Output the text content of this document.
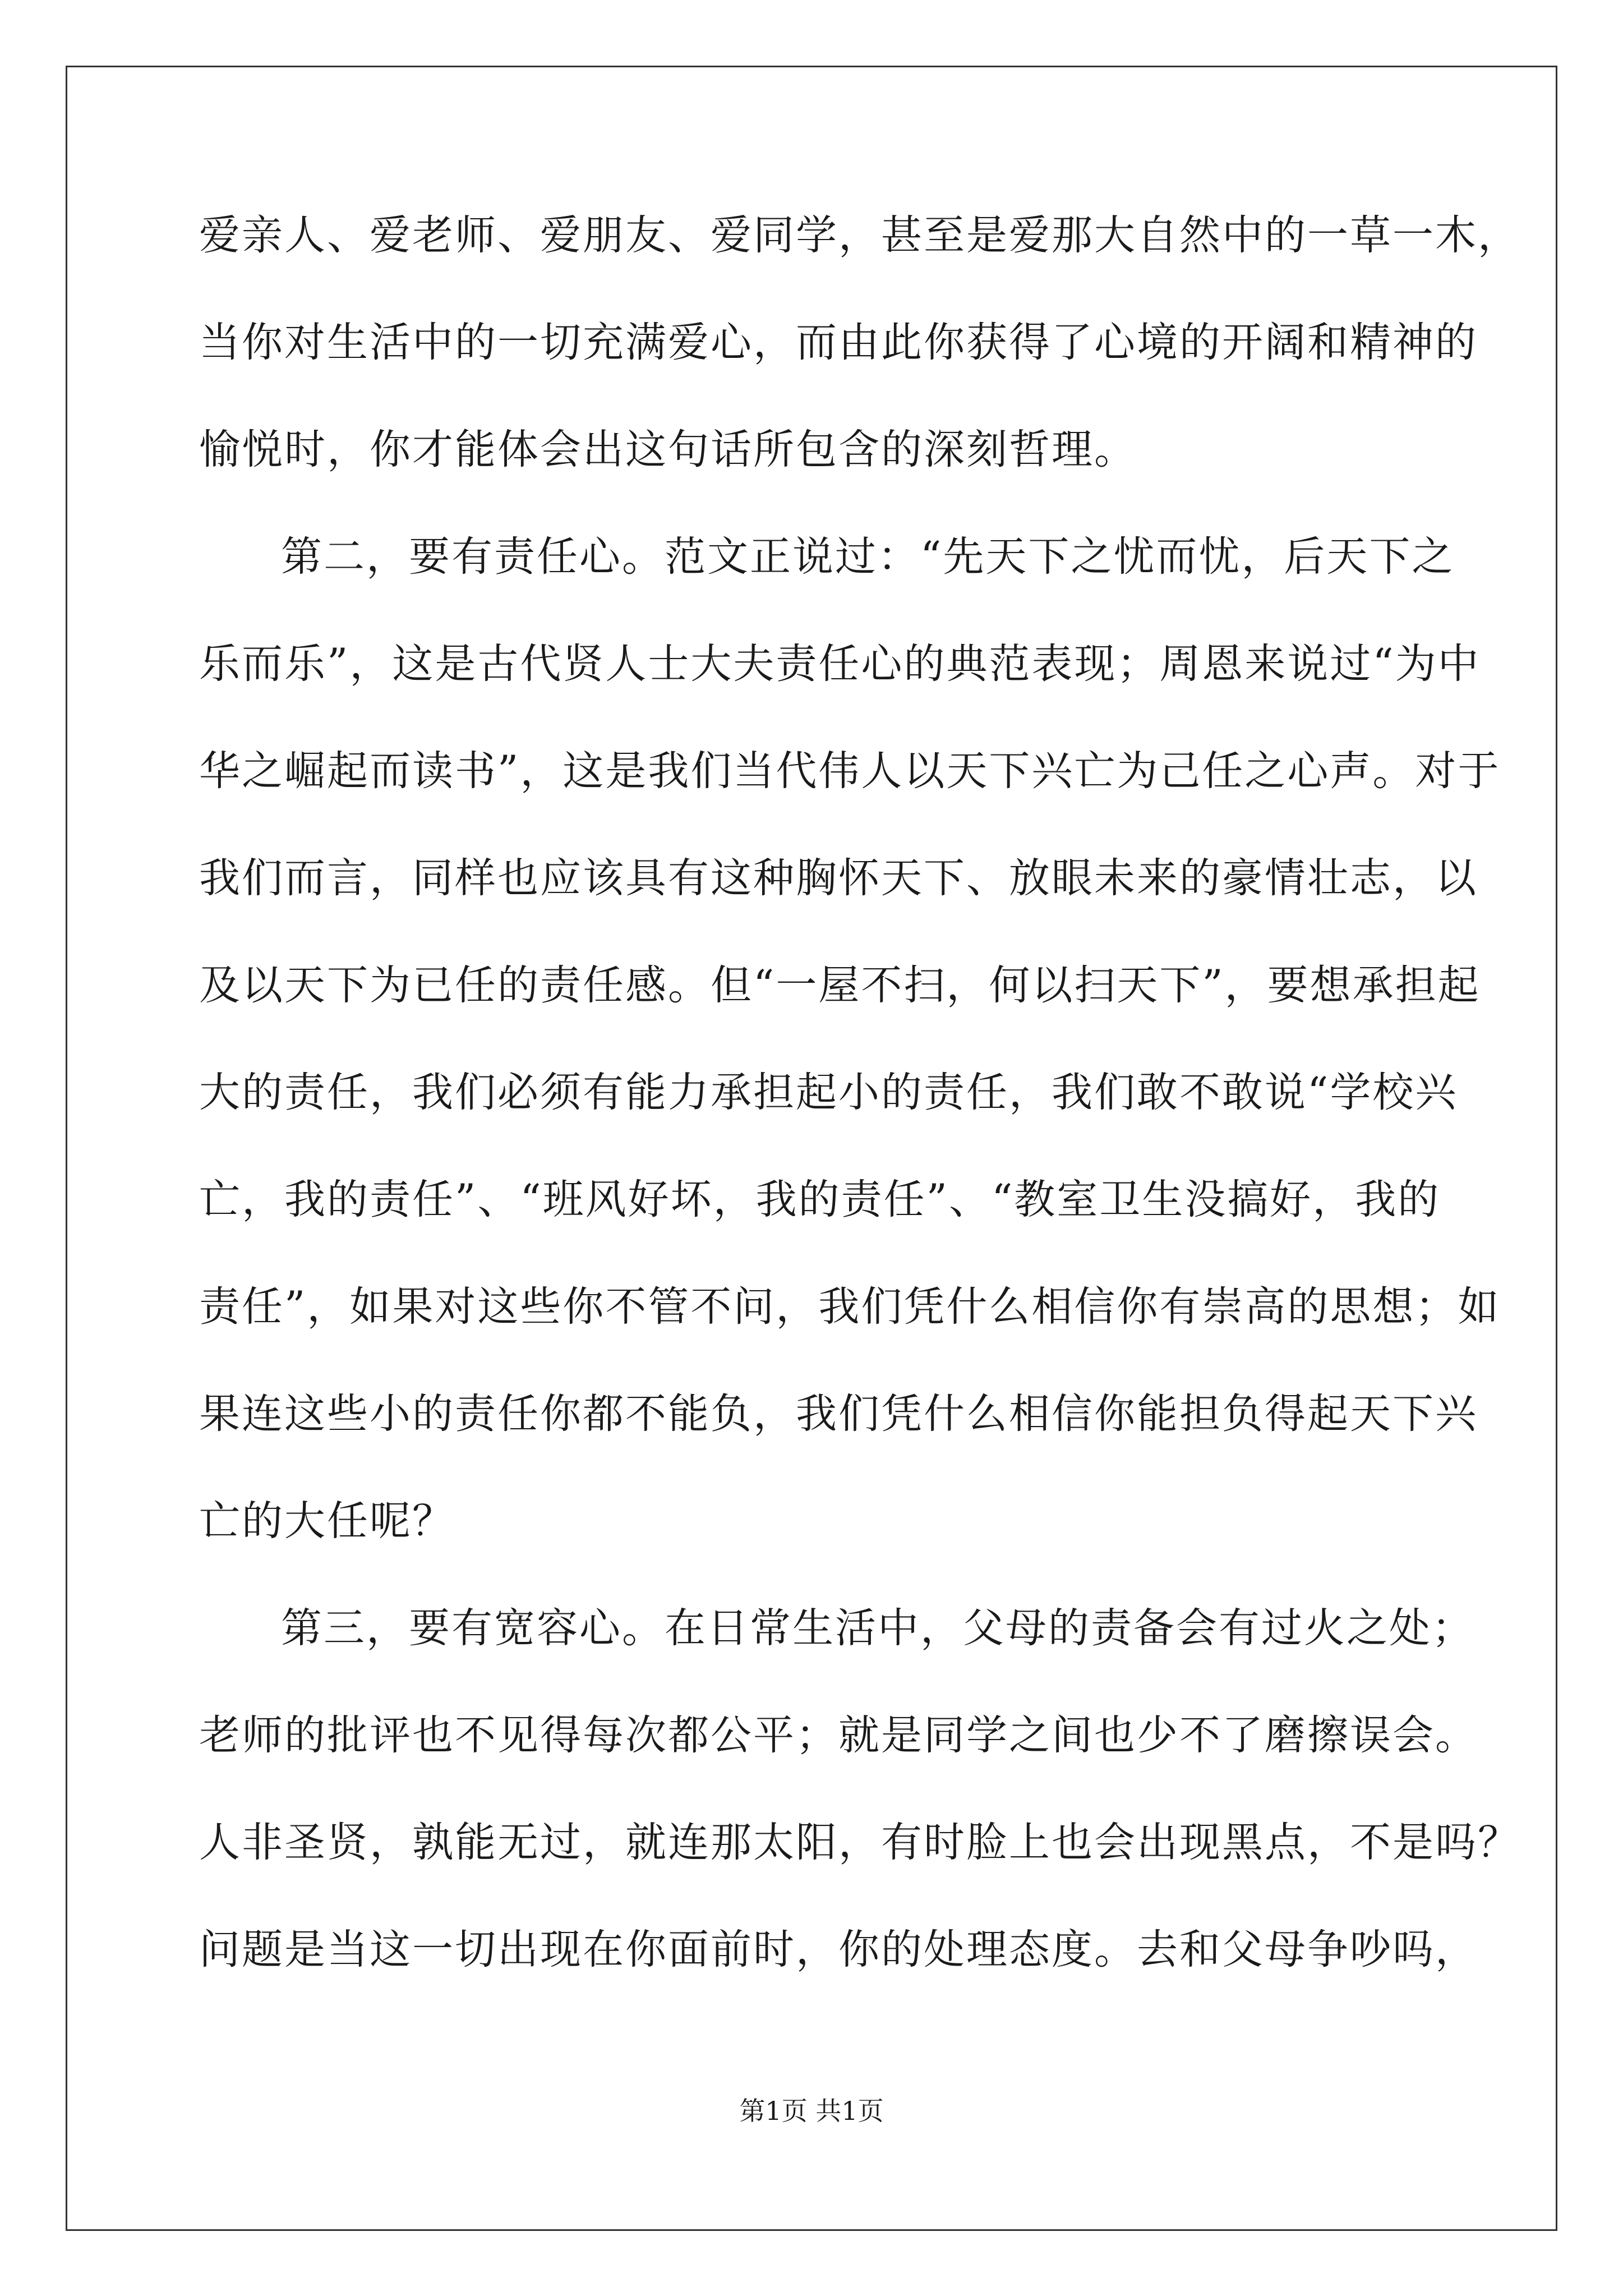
爱亲人、爱老师、爱朋友、爱同学，甚至是爱那大自然中的一草一木，
当你对生活中的一切充满爱心，而由此你获得了心境的开阔和精神的
愉悦时，你才能体会出这句话所包含的深刻哲理。
第二，要有责任心。范文正说过：“先天下之忧而忧，后天下之
乐而乐”，这是古代贤人士大夫责任心的典范表现；周恩来说过“为中
华之崛起而读书”，这是我们当代伟人以天下兴亡为己任之心声。对于
我们而言，同样也应该具有这种胸怀天下、放眼未来的豪情壮志，以
及以天下为已任的责任感。但“一屋不扫，何以扫天下”，要想承担起
大的责任，我们必须有能力承担起小的责任，我们敢不敢说“学校兴
亡，我的责任”、“班风好坏，我的责任”、“教室卫生没搞好，我的
责任”，如果对这些你不管不问，我们凭什么相信你有崇高的思想；如
果连这些小的责任你都不能负，我们凭什么相信你能担负得起天下兴
亡的大任呢？
第三，要有宽容心。在日常生活中，父母的责备会有过火之处；
老师的批评也不见得每次都公平；就是同学之间也少不了磨擦误会。
人非圣贤，孰能无过，就连那太阳，有时脸上也会出现黑点，不是吗？
问题是当这一切出现在你面前时，你的处理态度。去和父母争吵吗，
第1页 共1页
